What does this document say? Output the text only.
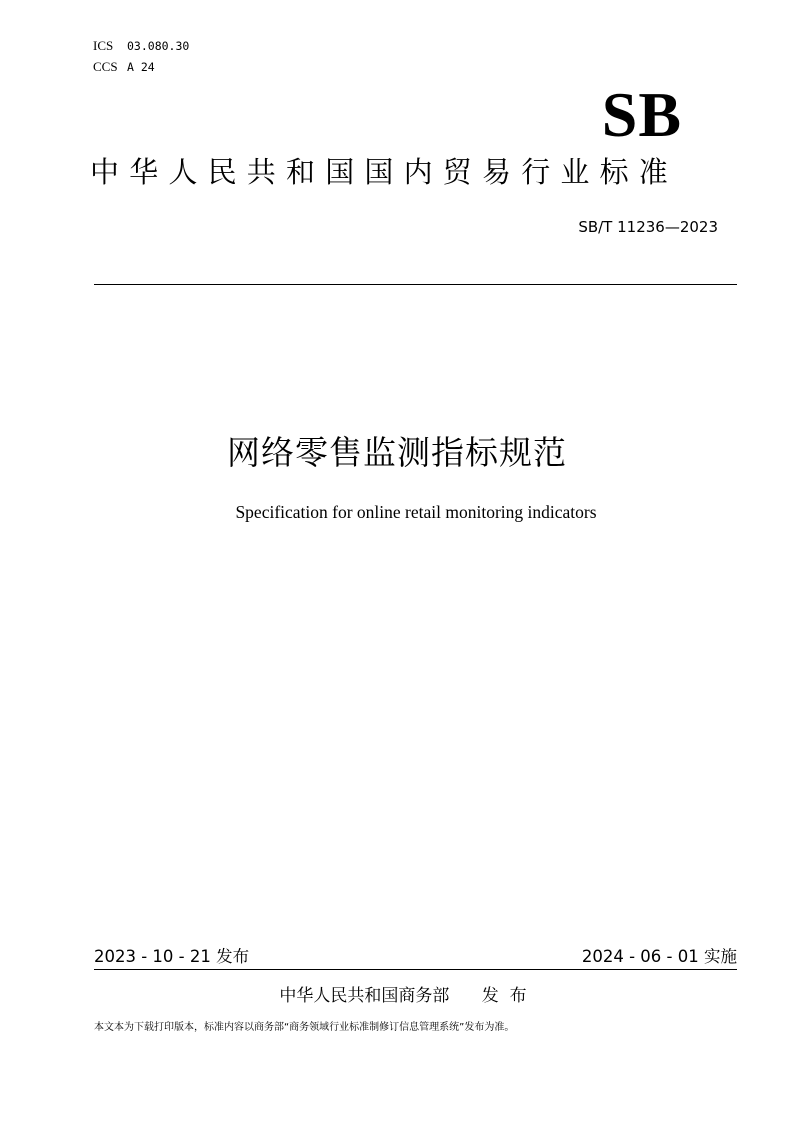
ICS 03.080.30
CCS A 24
SB
中华人民共和国国内贸易行业标准
SB/T 11236—2023
网络零售监测指标规范
Specification for online retail monitoring indicators
2023 - 10 - 21 发布	2024 - 06 - 01 实施
中华人民共和国商务部      发  布
本文本为下载打印版本，标准内容以商务部“商务领域行业标准制修订信息管理系统”发布为准。
